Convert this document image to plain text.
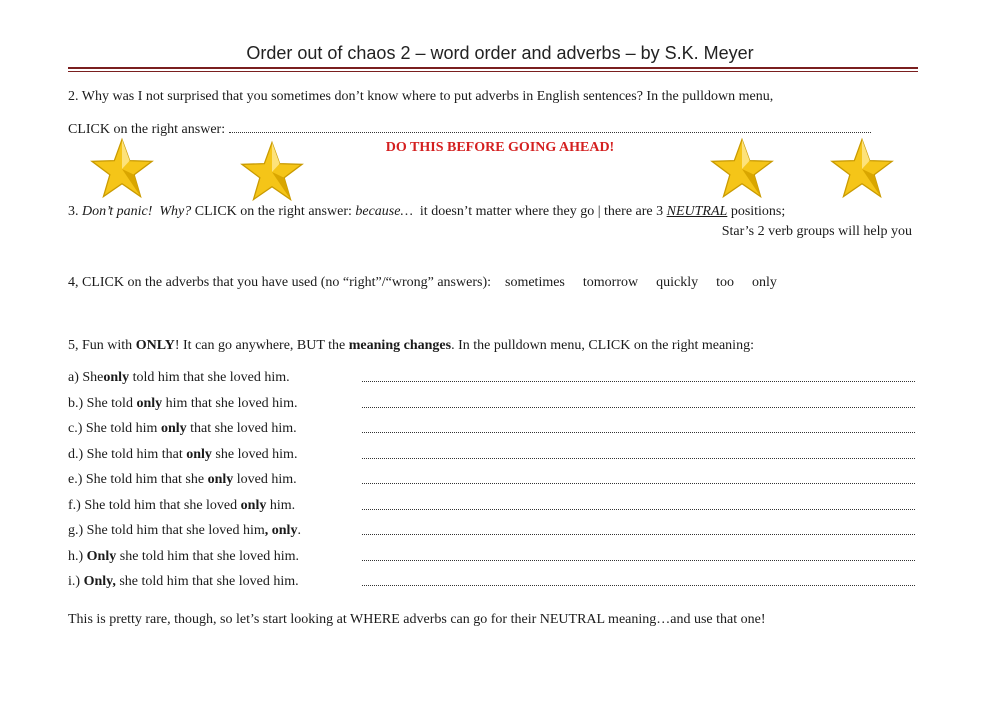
Order out of chaos 2 – word order and adverbs – by S.K. Meyer
2. Why was I not surprised that you sometimes don’t know where to put adverbs in English sentences? In the pulldown menu,
CLICK on the right answer:
DO THIS BEFORE GOING AHEAD!
3. Don’t panic! Why? CLICK on the right answer: because… it doesn’t matter where they go | there are 3 NEUTRAL positions;
Star’s 2 verb groups will help you
4, CLICK on the adverbs that you have used (no “right”/“wrong” answers): sometimes tomorrow quickly too only
5, Fun with ONLY! It can go anywhere, BUT the meaning changes. In the pulldown menu, CLICK on the right meaning:
a) Sheonly told him that she loved him.
b.) She told only him that she loved him.
c.) She told him only that she loved him.
d.) She told him that only she loved him.
e.) She told him that she only loved him.
f.) She told him that she loved only him.
g.) She told him that she loved him, only.
h.) Only she told him that she loved him.
i.) Only, she told him that she loved him.
This is pretty rare, though, so let’s start looking at WHERE adverbs can go for their NEUTRAL meaning…and use that one!
